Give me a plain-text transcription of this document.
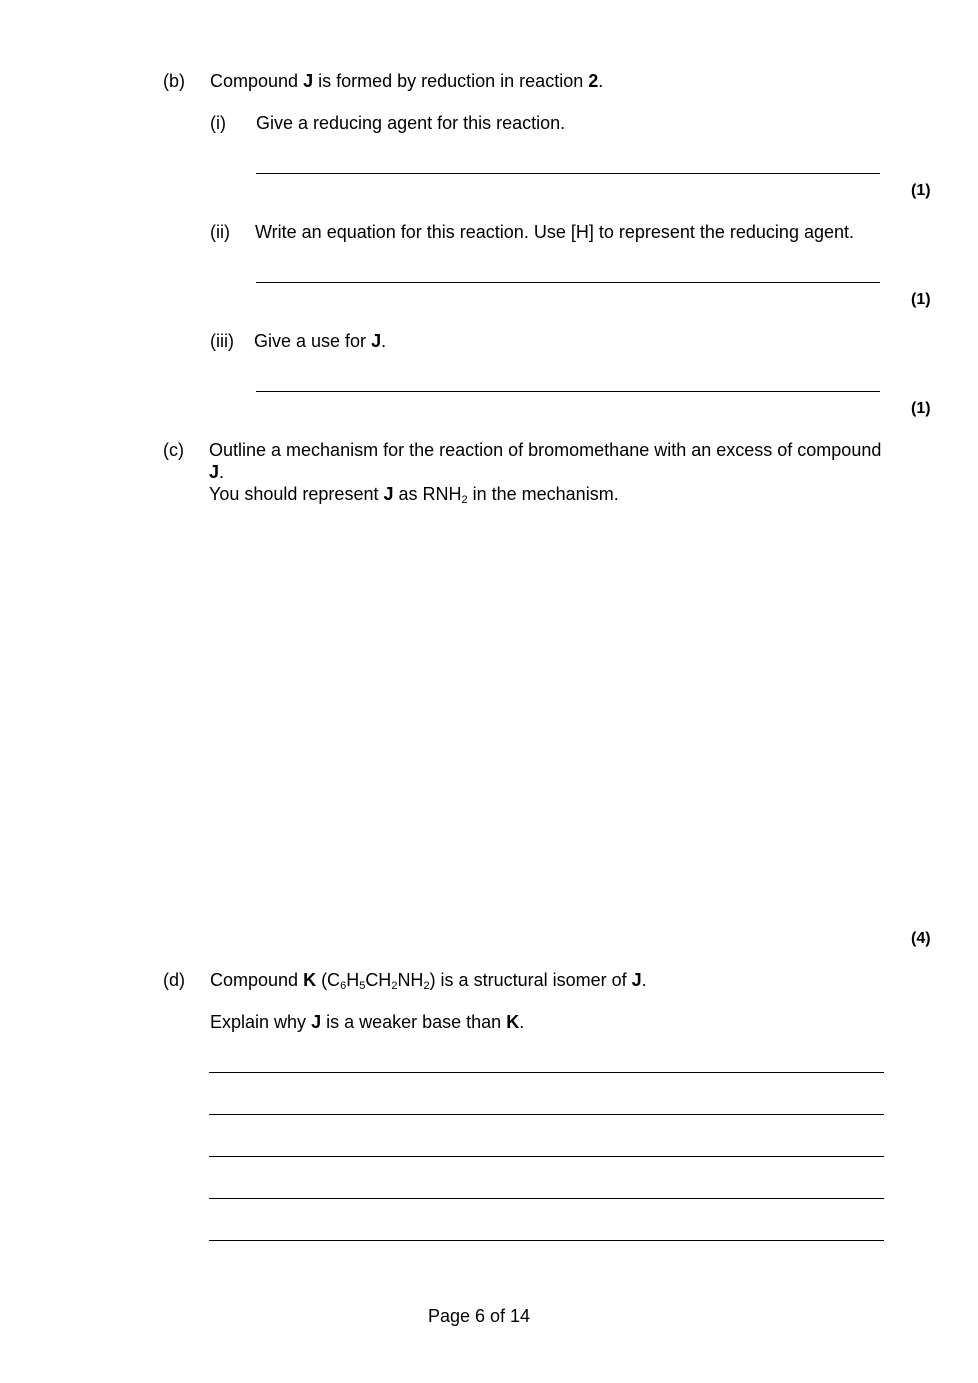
(b) Compound J is formed by reduction in reaction 2.
(i) Give a reducing agent for this reaction.
(1)
(ii) Write an equation for this reaction. Use [H] to represent the reducing agent.
(1)
(iii) Give a use for J.
(1)
(c) Outline a mechanism for the reaction of bromomethane with an excess of compound
J.
You should represent J as $RNH_2$ in the mechanism.
(4)
(d) Compound K $(C_6H_5CH_2NH_2)$ is a structural isomer of J.
Explain why J is a weaker base than K.
Page 6 of 14
